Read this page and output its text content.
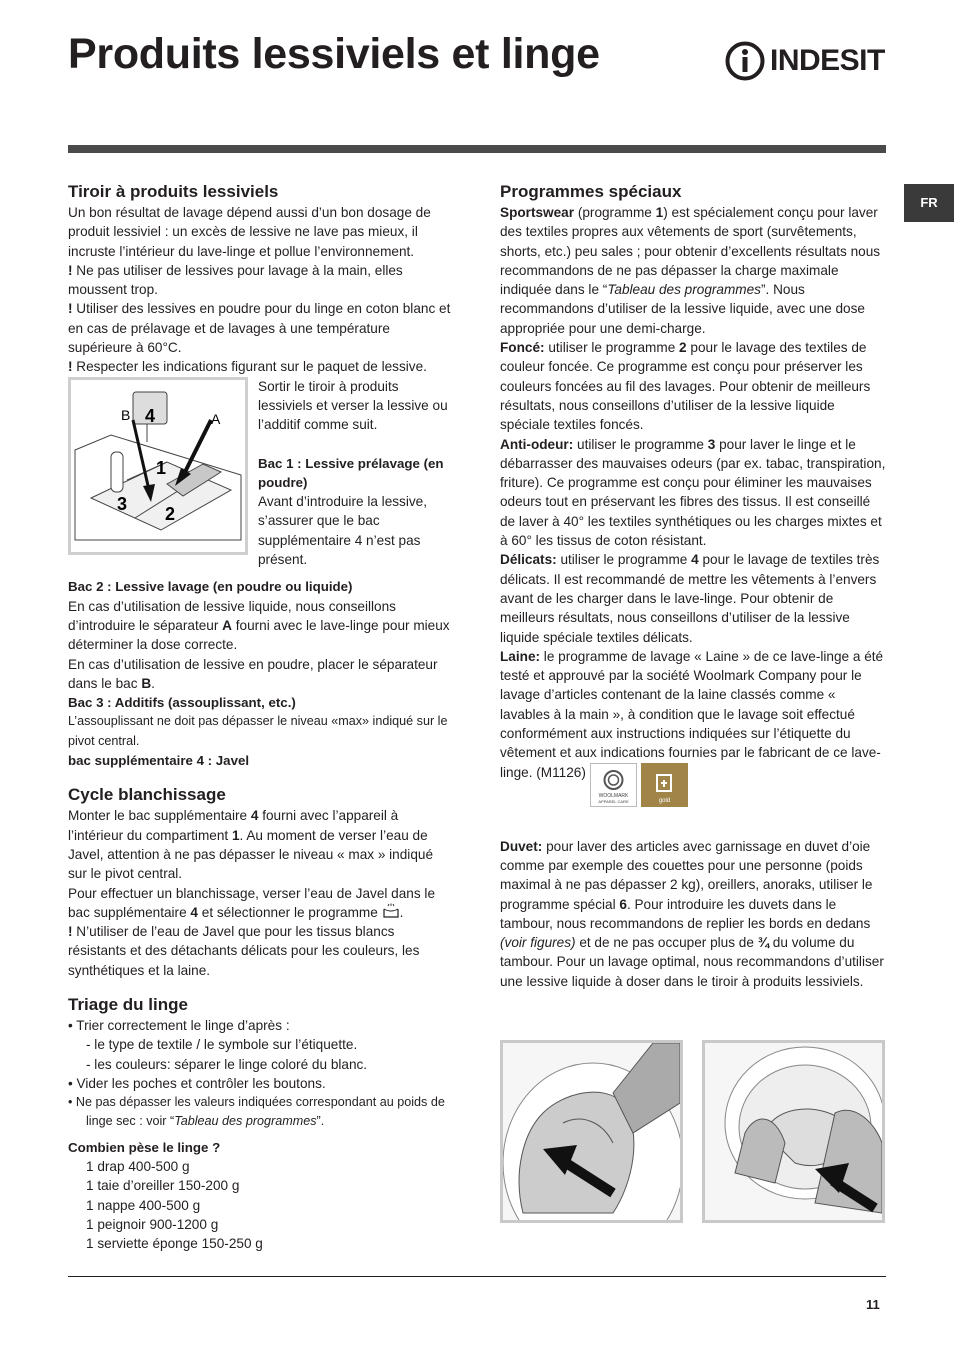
Produits lessiviels et linge	INDESIT
FR
Tiroir à produits lessiviels

Un bon résultat de lavage dépend aussi d’un bon dosage de produit lessiviel : un excès de lessive ne lave pas mieux, il incruste l’intérieur du lave-linge et pollue l’environnement.

! Ne pas utiliser de lessives pour lavage à la main, elles moussent trop.

! Utiliser des lessives en poudre pour du linge en coton blanc et en cas de prélavage et de lavages à une température supérieure à 60°C.

! Respecter les indications figurant sur le paquet de lessive.

B 4	A
1
3 2

Sortir le tiroir à produits lessiviels et verser la lessive ou l’additif comme suit.

Bac 1 : Lessive prélavage (en poudre)

Avant d’introduire la lessive, s’assurer que le bac supplémentaire 4 n’est pas présent.

Bac 2 : Lessive lavage (en poudre ou liquide)

En cas d’utilisation de lessive liquide, nous conseillons d’introduire le séparateur A fourni avec le lave-linge pour mieux déterminer la dose correcte.

En cas d’utilisation de lessive en poudre, placer le séparateur dans le bac B.

Bac 3 : Additifs (assouplissant, etc.)

L’assouplissant ne doit pas dépasser le niveau «max» indiqué sur le pivot central.

bac supplémentaire 4 : Javel

Cycle blanchissage

Monter le bac supplémentaire 4 fourni avec l’appareil à l’intérieur du compartiment 1. Au moment de verser l’eau de Javel, attention à ne pas dépasser le niveau « max » indiqué sur le pivot central.

Pour effectuer un blanchissage, verser l’eau de Javel dans le bac supplémentaire 4 et sélectionner le programme .

! N’utiliser de l’eau de Javel que pour les tissus blancs résistants et des détachants délicats pour les couleurs, les synthétiques et la laine.

Triage du linge

• Trier correctement le linge d’après :

- le type de textile / le symbole sur l’étiquette.

- les couleurs: séparer le linge coloré du blanc.

• Vider les poches et contrôler les boutons.

• Ne pas dépasser les valeurs indiquées correspondant au poids de linge sec : voir “Tableau des programmes”.

Combien pèse le linge ?

1 drap 400-500 g

1 taie d’oreiller 150-200 g

1 nappe 400-500 g

1 peignoir 900-1200 g

1 serviette éponge 150-250 g

Programmes spéciaux

Sportswear (programme 1) est spécialement conçu pour laver des textiles propres aux vêtements de sport (survêtements, shorts, etc.) peu sales ; pour obtenir d’excellents résultats nous recommandons de ne pas dépasser la charge maximale indiquée dans le “Tableau des programmes”. Nous recommandons d’utiliser de la lessive liquide, avec une dose appropriée pour une demi-charge.

Foncé: utiliser le programme 2 pour le lavage des textiles de couleur foncée. Ce programme est conçu pour préserver les couleurs foncées au fil des lavages. Pour obtenir de meilleurs résultats, nous conseillons d’utiliser de la lessive liquide spéciale textiles foncés.

Anti-odeur: utiliser le programme 3 pour laver le linge et le débarrasser des mauvaises odeurs (par ex. tabac, transpiration, friture). Ce programme est conçu pour éliminer les mauvaises odeurs tout en préservant les fibres des tissus. Il est conseillé de laver à 40° les textiles synthétiques ou les charges mixtes et à 60° les tissus de coton résistant.

Délicats: utiliser le programme 4 pour le lavage de textiles très délicats. Il est recommandé de mettre les vêtements à l’envers avant de les charger dans le lave-linge. Pour obtenir de meilleurs résultats, nous conseillons d’utiliser de la lessive liquide spéciale textiles délicats.

Laine: le programme de lavage « Laine » de ce lave-linge a été testé et approuvé par la société Woolmark Company pour le lavage d’articles contenant de la laine classés comme « lavables à la main », à condition que le lavage soit effectué conformément aux instructions indiquées sur l’étiquette du vêtement et aux indications fournies par le fabricant de ce lave-linge. (M1126)
WOOLMARK
APPAREL CARE	gold

Duvet: pour laver des articles avec garnissage en duvet d’oie comme par exemple des couettes pour une personne (poids maximal à ne pas dépasser 2 kg), oreillers, anoraks, utiliser le programme spécial 6. Pour introduire les duvets dans le tambour, nous recommandons de replier les bords en dedans (voir figures) et de ne pas occuper plus de ¾ du volume du tambour. Pour un lavage optimal, nous recommandons d’utiliser une lessive liquide à doser dans le tiroir à produits lessiviels.

11
